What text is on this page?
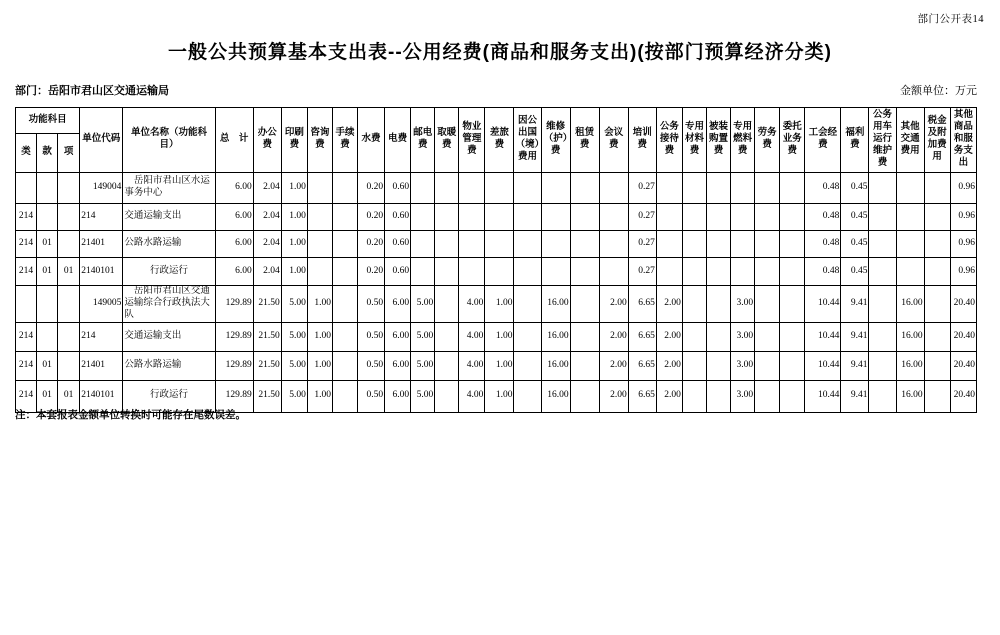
部门公开表14
一般公共预算基本支出表--公用经费(商品和服务支出)(按部门预算经济分类)
部门：岳阳市君山区交通运输局	金额单位：万元
功能科目			单位代码	单位名称（功能科目）	总　计	办公费	印刷费	咨询费	手续费	水费	电费	邮电费	取暖费	物业管理费	差旅费	因公出国（境）费用	维修（护）费	租赁费	会议费	培训费	公务接待费	专用材料费	被装购置费	专用燃料费	劳务费	委托业务费	工会经费	福利费	公务用车运行维护费	其他交通费用	税金及附加费用	其他商品和服务支出
类	款	项																														
			149004	岳阳市君山区水运事务中心	6.00	2.04	1.00			0.20	0.60									0.27							0.48	0.45				0.96
214			214	交通运输支出	6.00	2.04	1.00			0.20	0.60									0.27							0.48	0.45				0.96
214	01		21401	公路水路运输	6.00	2.04	1.00			0.20	0.60									0.27							0.48	0.45				0.96
214	01	01	2140101	行政运行	6.00	2.04	1.00			0.20	0.60									0.27							0.48	0.45				0.96
			149005	岳阳市君山区交通运输综合行政执法大队	129.89	21.50	5.00	1.00		0.50	6.00	5.00		4.00	1.00		16.00		2.00	6.65	2.00			3.00			10.44	9.41		16.00		20.40
214			214	交通运输支出	129.89	21.50	5.00	1.00		0.50	6.00	5.00		4.00	1.00		16.00		2.00	6.65	2.00			3.00			10.44	9.41		16.00		20.40
214	01		21401	公路水路运输	129.89	21.50	5.00	1.00		0.50	6.00	5.00		4.00	1.00		16.00		2.00	6.65	2.00			3.00			10.44	9.41		16.00		20.40
214	01	01	2140101	行政运行	129.89	21.50	5.00	1.00		0.50	6.00	5.00		4.00	1.00		16.00		2.00	6.65	2.00			3.00			10.44	9.41		16.00		20.40
注：本套报表金额单位转换时可能存在尾数误差。
